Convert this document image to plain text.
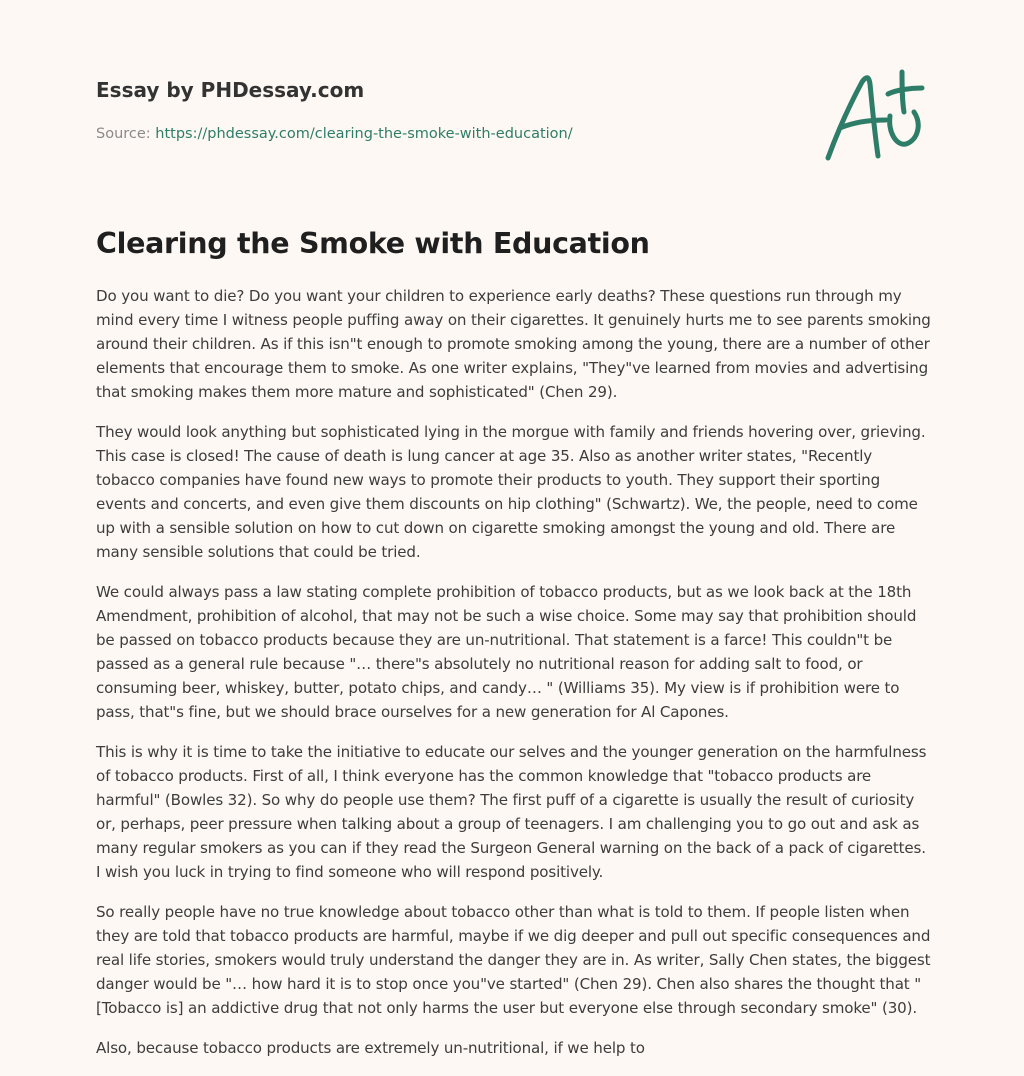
Essay by PHDessay.com
Source: https://phdessay.com/clearing-the-smoke-with-education/
Clearing the Smoke with Education

Do you want to die? Do you want your children to experience early deaths? These questions run through my mind every time I witness people puffing away on their cigarettes. It genuinely hurts me to see parents smoking around their children. As if this isn"t enough to promote smoking among the young, there are a number of other elements that encourage them to smoke. As one writer explains, "They"ve learned from movies and advertising that smoking makes them more mature and sophisticated" (Chen 29).

They would look anything but sophisticated lying in the morgue with family and friends hovering over, grieving. This case is closed! The cause of death is lung cancer at age 35. Also as another writer states, "Recently tobacco companies have found new ways to promote their products to youth. They support their sporting events and concerts, and even give them discounts on hip clothing" (Schwartz). We, the people, need to come up with a sensible solution on how to cut down on cigarette smoking amongst the young and old. There are many sensible solutions that could be tried.

We could always pass a law stating complete prohibition of tobacco products, but as we look back at the 18th Amendment, prohibition of alcohol, that may not be such a wise choice. Some may say that prohibition should be passed on tobacco products because they are un-nutritional. That statement is a farce! This couldn"t be passed as a general rule because "… there"s absolutely no nutritional reason for adding salt to food, or consuming beer, whiskey, butter, potato chips, and candy… " (Williams 35). My view is if prohibition were to pass, that"s fine, but we should brace ourselves for a new generation for Al Capones.

This is why it is time to take the initiative to educate our selves and the younger generation on the harmfulness of tobacco products. First of all, I think everyone has the common knowledge that "tobacco products are harmful" (Bowles 32). So why do people use them? The first puff of a cigarette is usually the result of curiosity or, perhaps, peer pressure when talking about a group of teenagers. I am challenging you to go out and ask as many regular smokers as you can if they read the Surgeon General warning on the back of a pack of cigarettes. I wish you luck in trying to find someone who will respond positively.

So really people have no true knowledge about tobacco other than what is told to them. If people listen when they are told that tobacco products are harmful, maybe if we dig deeper and pull out specific consequences and real life stories, smokers would truly understand the danger they are in. As writer, Sally Chen states, the biggest danger would be "… how hard it is to stop once you"ve started" (Chen 29). Chen also shares the thought that "[Tobacco is] an addictive drug that not only harms the user but everyone else through secondary smoke" (30).

Also, because tobacco products are extremely un-nutritional, if we help to
